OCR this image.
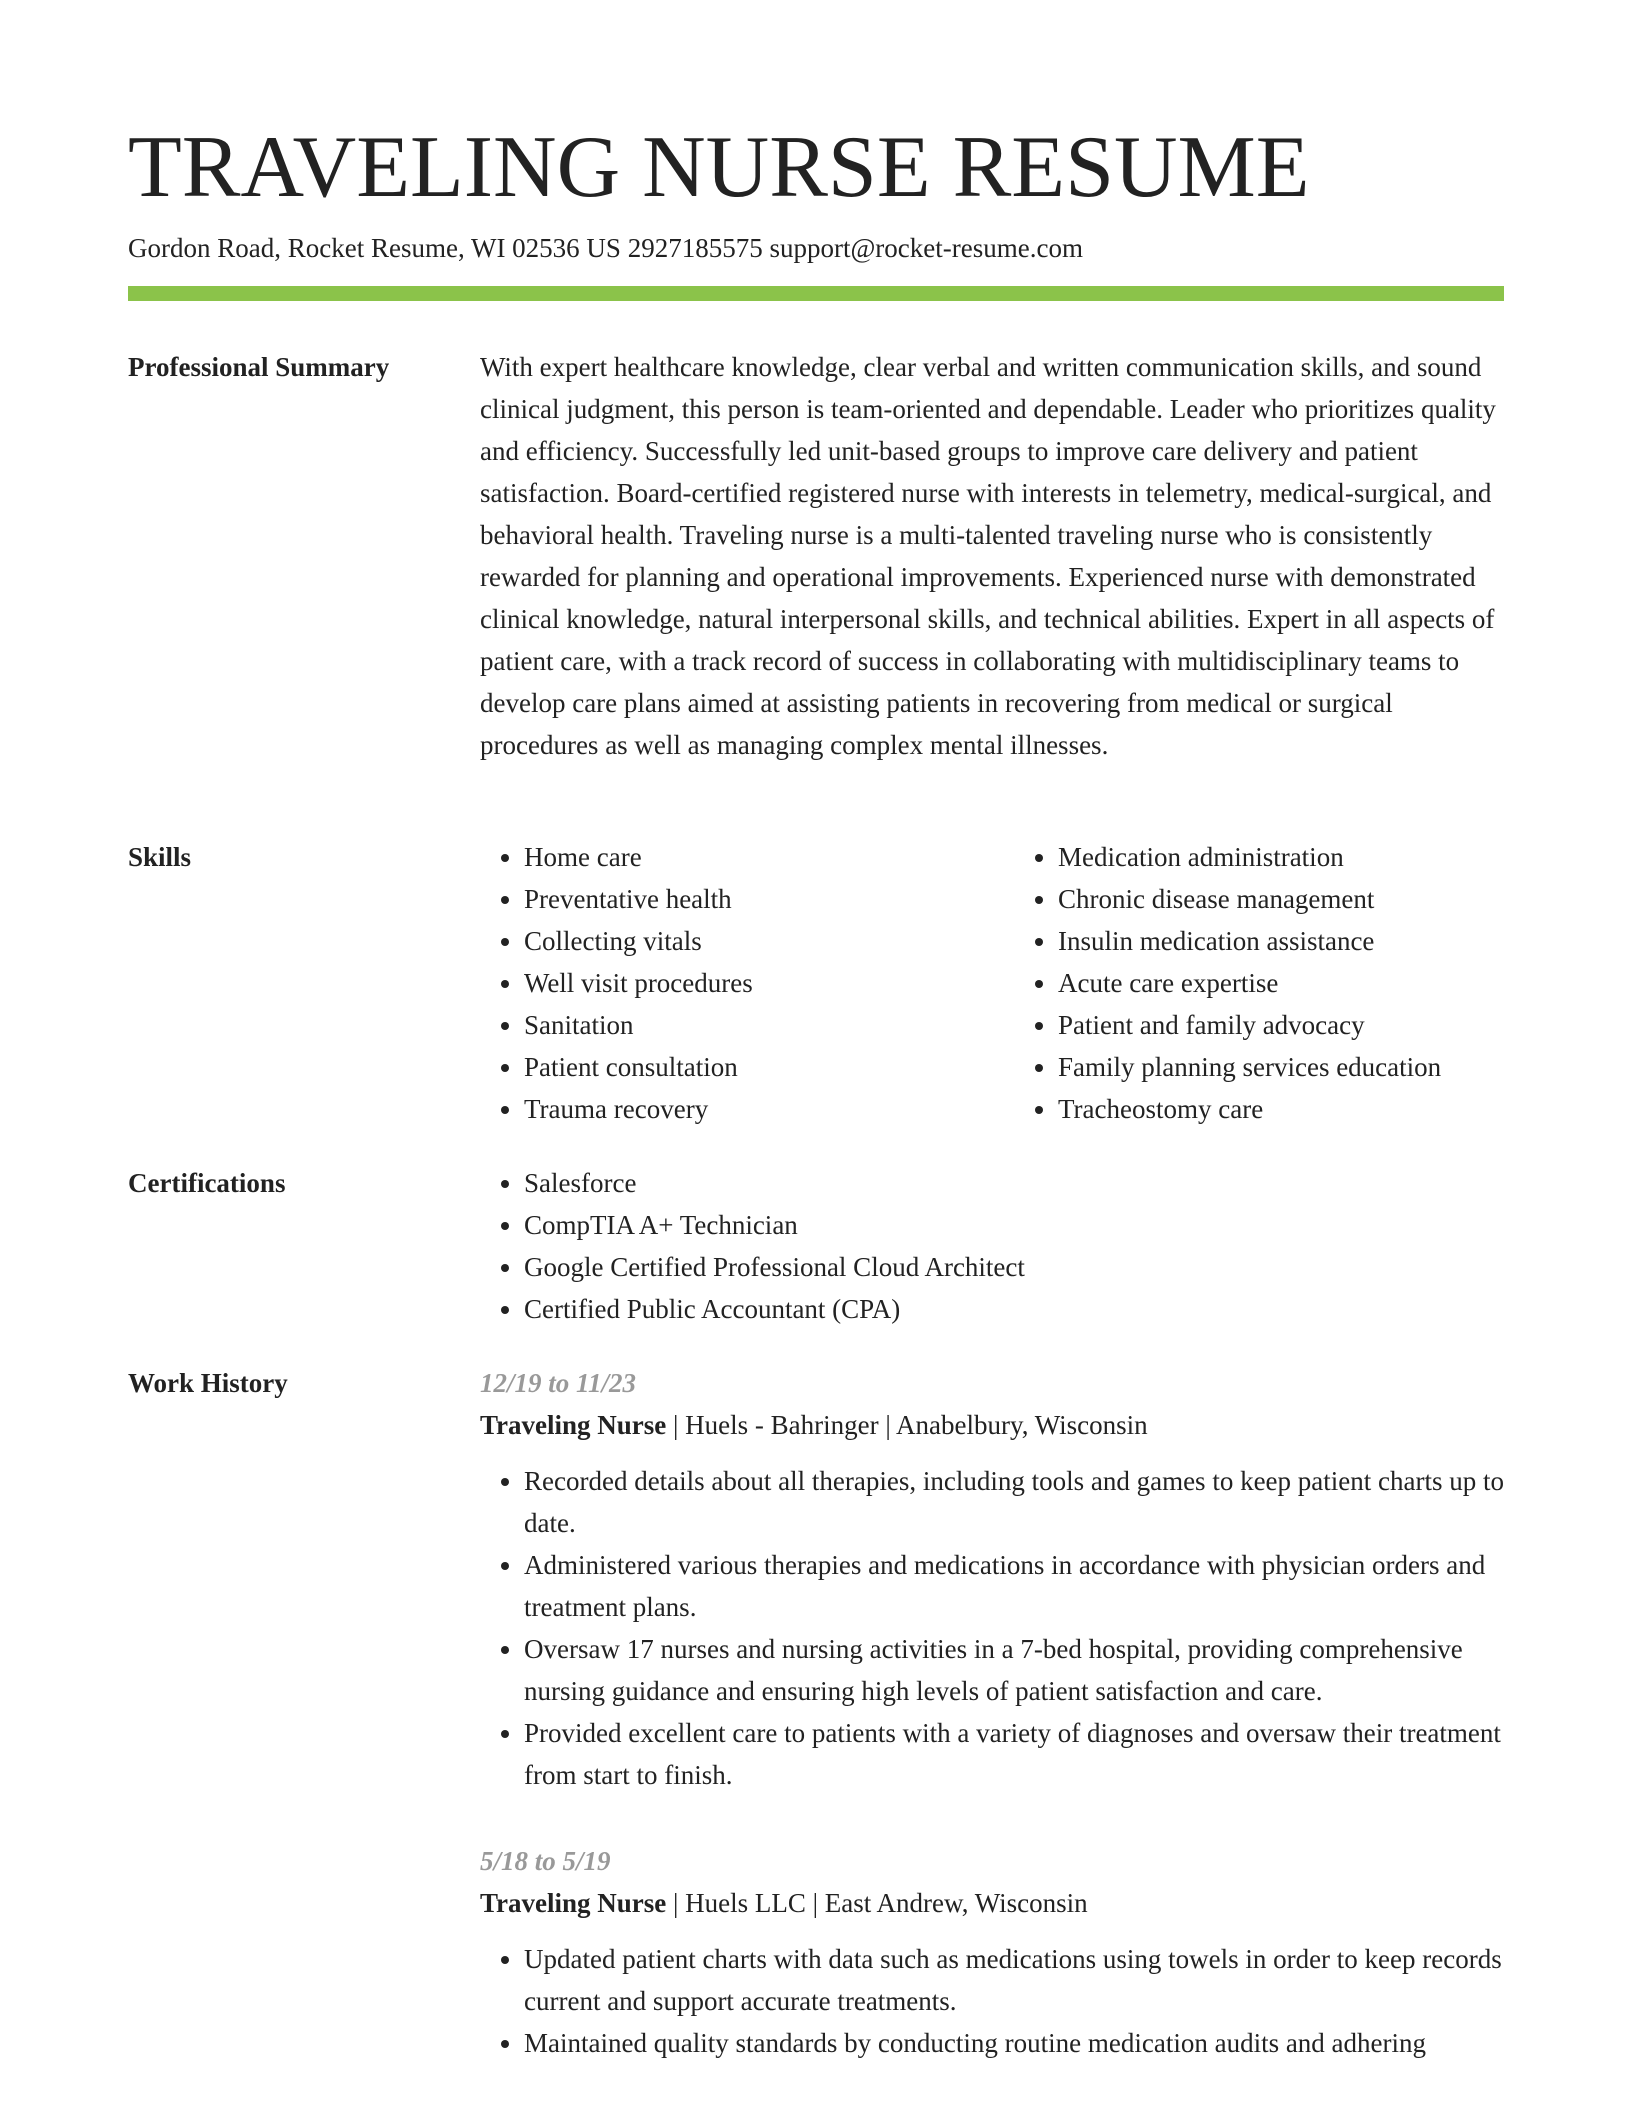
TRAVELING NURSE RESUME
Gordon Road, Rocket Resume, WI 02536 US 2927185575 support@rocket-resume.com
Professional Summary	With expert healthcare knowledge, clear verbal and written communication skills, and sound clinical judgment, this person is team-oriented and dependable. Leader who prioritizes quality and efficiency. Successfully led unit-based groups to improve care delivery and patient satisfaction. Board-certified registered nurse with interests in telemetry, medical-surgical, and behavioral health. Traveling nurse is a multi-talented traveling nurse who is consistently rewarded for planning and operational improvements. Experienced nurse with demonstrated clinical knowledge, natural interpersonal skills, and technical abilities. Expert in all aspects of patient care, with a track record of success in collaborating with multidisciplinary teams to develop care plans aimed at assisting patients in recovering from medical or surgical procedures as well as managing complex mental illnesses.

Skills	• Home care
• Preventative health
• Collecting vitals
• Well visit procedures
• Sanitation
• Patient consultation
• Trauma recovery
• Medication administration
• Chronic disease management
• Insulin medication assistance
• Acute care expertise
• Patient and family advocacy
• Family planning services education
• Tracheostomy care
Certifications	• Salesforce
• CompTIA A+ Technician
• Google Certified Professional Cloud Architect
• Certified Public Accountant (CPA)
Work History	12/19 to 11/23
Traveling Nurse | Huels - Bahringer | Anabelbury, Wisconsin
• Recorded details about all therapies, including tools and games to keep patient charts up to date.
• Administered various therapies and medications in accordance with physician orders and treatment plans.
• Oversaw 17 nurses and nursing activities in a 7-bed hospital, providing comprehensive nursing guidance and ensuring high levels of patient satisfaction and care.
• Provided excellent care to patients with a variety of diagnoses and oversaw their treatment from start to finish.
5/18 to 5/19
Traveling Nurse | Huels LLC | East Andrew, Wisconsin
• Updated patient charts with data such as medications using towels in order to keep records current and support accurate treatments.
• Maintained quality standards by conducting routine medication audits and adhering
